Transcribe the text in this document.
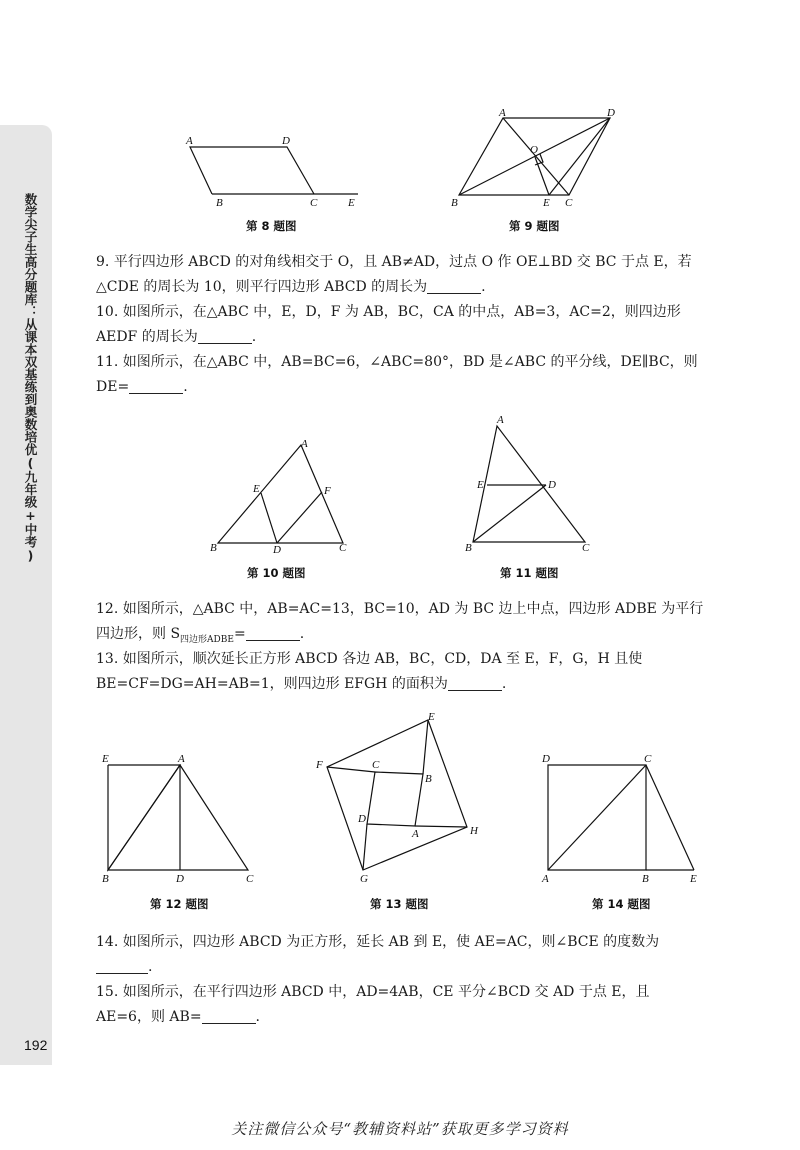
数学尖子生高分题库：从课本双基练到奥数培优(九年级+中考)
A	D
B	C	E
第 8 题图
A	D
O
B	E C
第 9 题图

9. 平行四边形 ABCD 的对角线相交于 O，且 AB≠AD，过点 O 作 OE⊥BD 交 BC 于点 E，若△CDE 的周长为 10，则平行四边形 ABCD 的周长为	.

10. 如图所示，在△ABC 中，E，D，F 为 AB，BC，CA 的中点，AB=3，AC=2，则四边形 AEDF 的周长为	.

11. 如图所示，在△ABC 中，AB=BC=6，∠ABC=80°，BD 是∠ABC 的平分线，DE∥BC，则 DE=	.

A
E	F
B	D	C
第 10 题图
A
E	D
B	C
第 11 题图

12. 如图所示，△ABC 中，AB=AC=13，BC=10，AD 为 BC 边上中点，四边形 ADBE 为平行四边形，则 $S_{四边形ADBE}=$	.

13. 如图所示，顺次延长正方形 ABCD 各边 AB，BC，CD，DA 至 E，F，G，H 且使 BE=CF=DG=AH=AB=1，则四边形 EFGH 的面积为	.

E	A
B	D	C
第 12 题图
E
F	C
B
D
A	H
G
第 13 题图
D	C
A	B	E
第 14 题图

14. 如图所示，四边形 ABCD 为正方形，延长 AB 到 E，使 AE=AC，则∠BCE 的度数为.

15. 如图所示，在平行四边形 ABCD 中，AD=4AB，CE 平分∠BCD 交 AD 于点 E，且 AE=6，则 AB=	.

192
关注微信公众号“教辅资料站”获取更多学习资料
